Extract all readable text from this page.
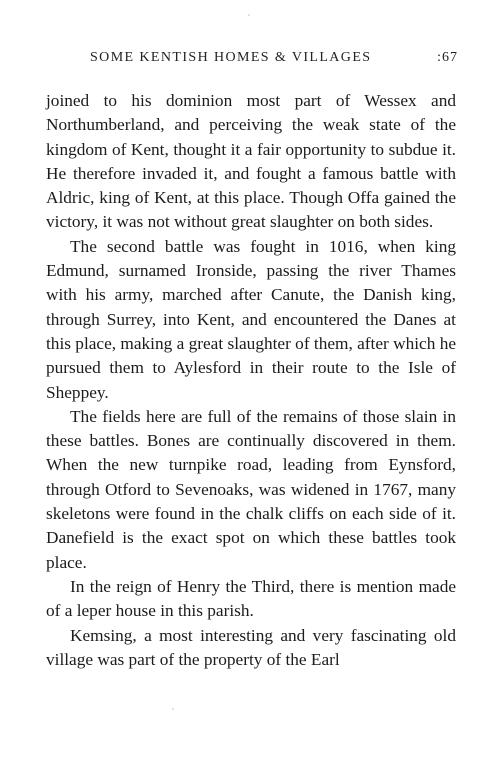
SOME KENTISH HOMES & VILLAGES	:67

joined to his dominion most part of Wessex and Northumberland, and perceiving the weak state of the kingdom of Kent, thought it a fair opportunity to subdue it. He therefore invaded it, and fought a famous battle with Aldric, king of Kent, at this place. Though Offa gained the victory, it was not without great slaughter on both sides.

The second battle was fought in 1016, when king Edmund, surnamed Ironside, passing the river Thames with his army, marched after Canute, the Danish king, through Surrey, into Kent, and encountered the Danes at this place, making a great slaughter of them, after which he pursued them to Aylesford in their route to the Isle of Sheppey.

The fields here are full of the remains of those slain in these battles. Bones are continually discovered in them. When the new turnpike road, leading from Eynsford, through Otford to Sevenoaks, was widened in 1767, many skeletons were found in the chalk cliffs on each side of it. Danefield is the exact spot on which these battles took place.

In the reign of Henry the Third, there is mention made of a leper house in this parish.

Kemsing, a most interesting and very fascinating old village was part of the property of the Earl
